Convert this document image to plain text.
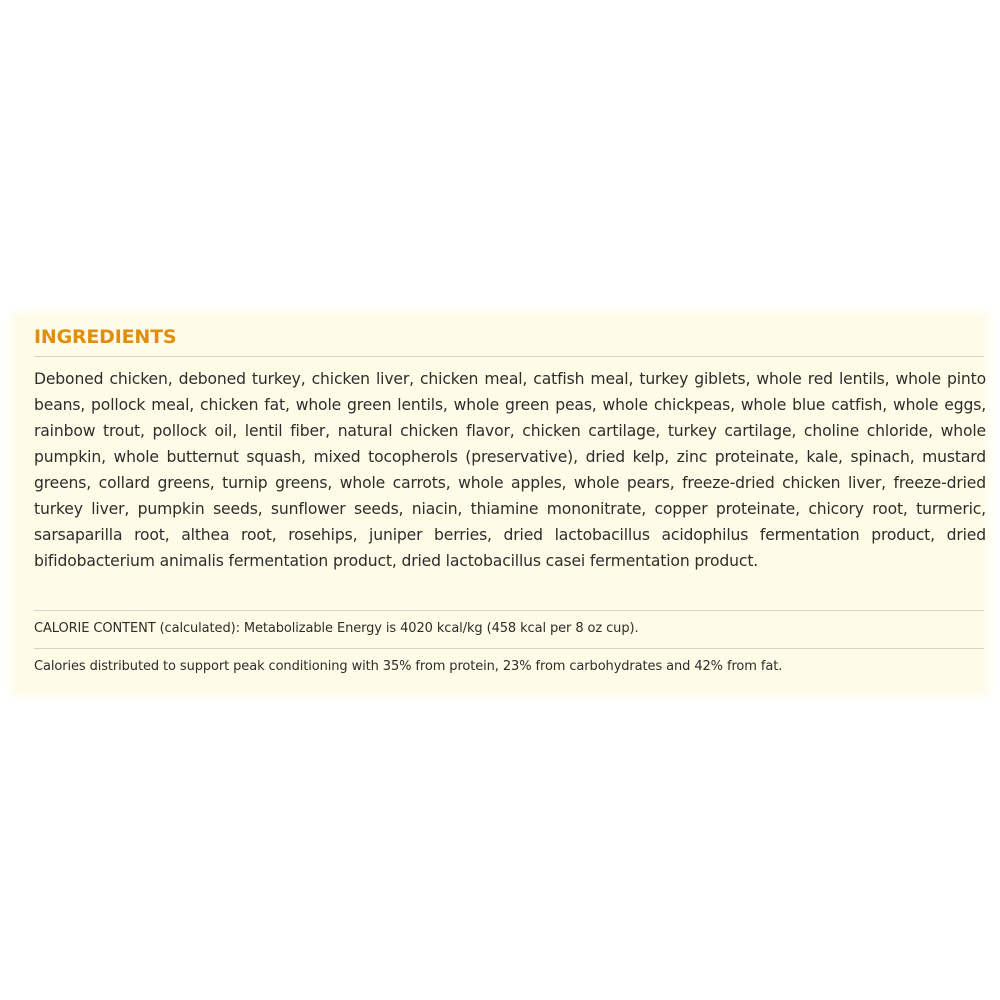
INGREDIENTS

Deboned chicken, deboned turkey, chicken liver, chicken meal, catfish meal, turkey giblets, whole red lentils, whole pinto beans, pollock meal, chicken fat, whole green lentils, whole green peas, whole chickpeas, whole blue catfish, whole eggs, rainbow trout, pollock oil, lentil fiber, natural chicken flavor, chicken cartilage, turkey cartilage, choline chloride, whole pumpkin, whole butternut squash, mixed tocopherols (preservative), dried kelp, zinc proteinate, kale, spinach, mustard greens, collard greens, turnip greens, whole carrots, whole apples, whole pears, freeze-dried chicken liver, freeze-dried turkey liver, pumpkin seeds, sunflower seeds, niacin, thiamine mononitrate, copper proteinate, chicory root, turmeric, sarsaparilla root, althea root, rosehips, juniper berries, dried lactobacillus acidophilus fermentation product, dried bifidobacterium animalis fermentation product, dried lactobacillus casei fermentation product.

CALORIE CONTENT (calculated): Metabolizable Energy is 4020 kcal/kg (458 kcal per 8 oz cup).

Calories distributed to support peak conditioning with 35% from protein, 23% from carbohydrates and 42% from fat.
